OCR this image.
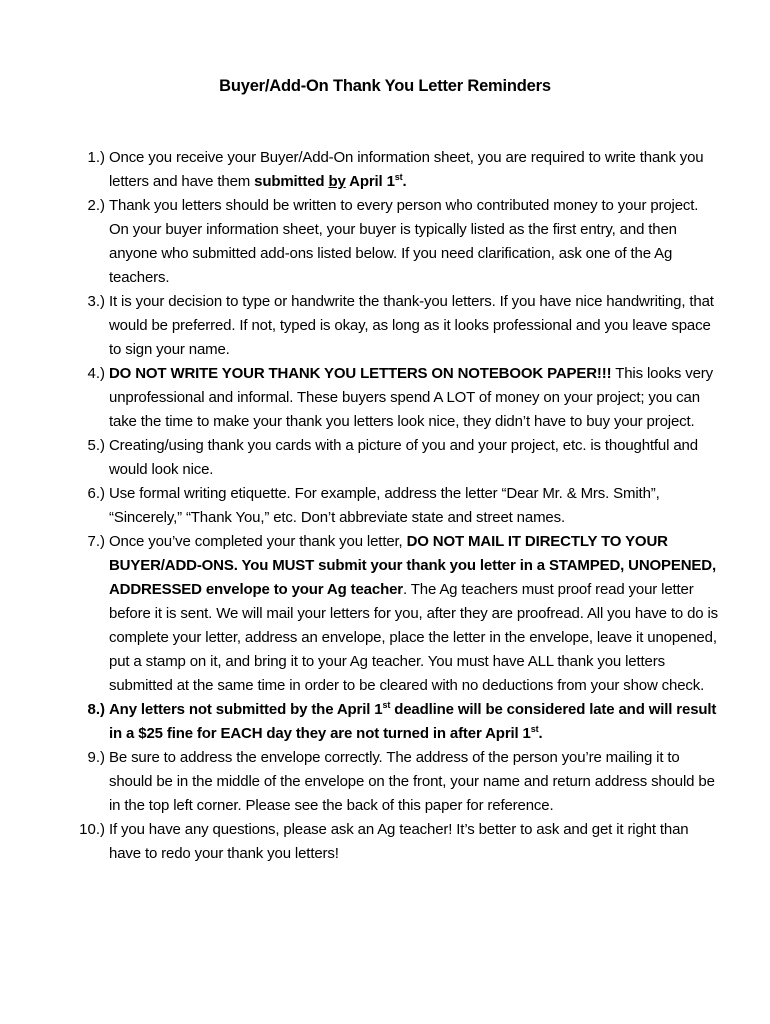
Buyer/Add-On Thank You Letter Reminders
1.) Once you receive your Buyer/Add-On information sheet, you are required to write thank you letters and have them submitted by April 1st.
2.) Thank you letters should be written to every person who contributed money to your project. On your buyer information sheet, your buyer is typically listed as the first entry, and then anyone who submitted add-ons listed below. If you need clarification, ask one of the Ag teachers.
3.) It is your decision to type or handwrite the thank-you letters. If you have nice handwriting, that would be preferred. If not, typed is okay, as long as it looks professional and you leave space to sign your name.
4.) DO NOT WRITE YOUR THANK YOU LETTERS ON NOTEBOOK PAPER!!! This looks very unprofessional and informal. These buyers spend A LOT of money on your project; you can take the time to make your thank you letters look nice, they didn’t have to buy your project.
5.) Creating/using thank you cards with a picture of you and your project, etc. is thoughtful and would look nice.
6.) Use formal writing etiquette. For example, address the letter “Dear Mr. & Mrs. Smith”, “Sincerely,” “Thank You,” etc. Don’t abbreviate state and street names.
7.) Once you’ve completed your thank you letter, DO NOT MAIL IT DIRECTLY TO YOUR BUYER/ADD-ONS. You MUST submit your thank you letter in a STAMPED, UNOPENED, ADDRESSED envelope to your Ag teacher. The Ag teachers must proof read your letter before it is sent. We will mail your letters for you, after they are proofread. All you have to do is complete your letter, address an envelope, place the letter in the envelope, leave it unopened, put a stamp on it, and bring it to your Ag teacher. You must have ALL thank you letters submitted at the same time in order to be cleared with no deductions from your show check.
8.) Any letters not submitted by the April 1st deadline will be considered late and will result in a $25 fine for EACH day they are not turned in after April 1st.
9.) Be sure to address the envelope correctly. The address of the person you’re mailing it to should be in the middle of the envelope on the front, your name and return address should be in the top left corner. Please see the back of this paper for reference.
10.) If you have any questions, please ask an Ag teacher! It’s better to ask and get it right than have to redo your thank you letters!
